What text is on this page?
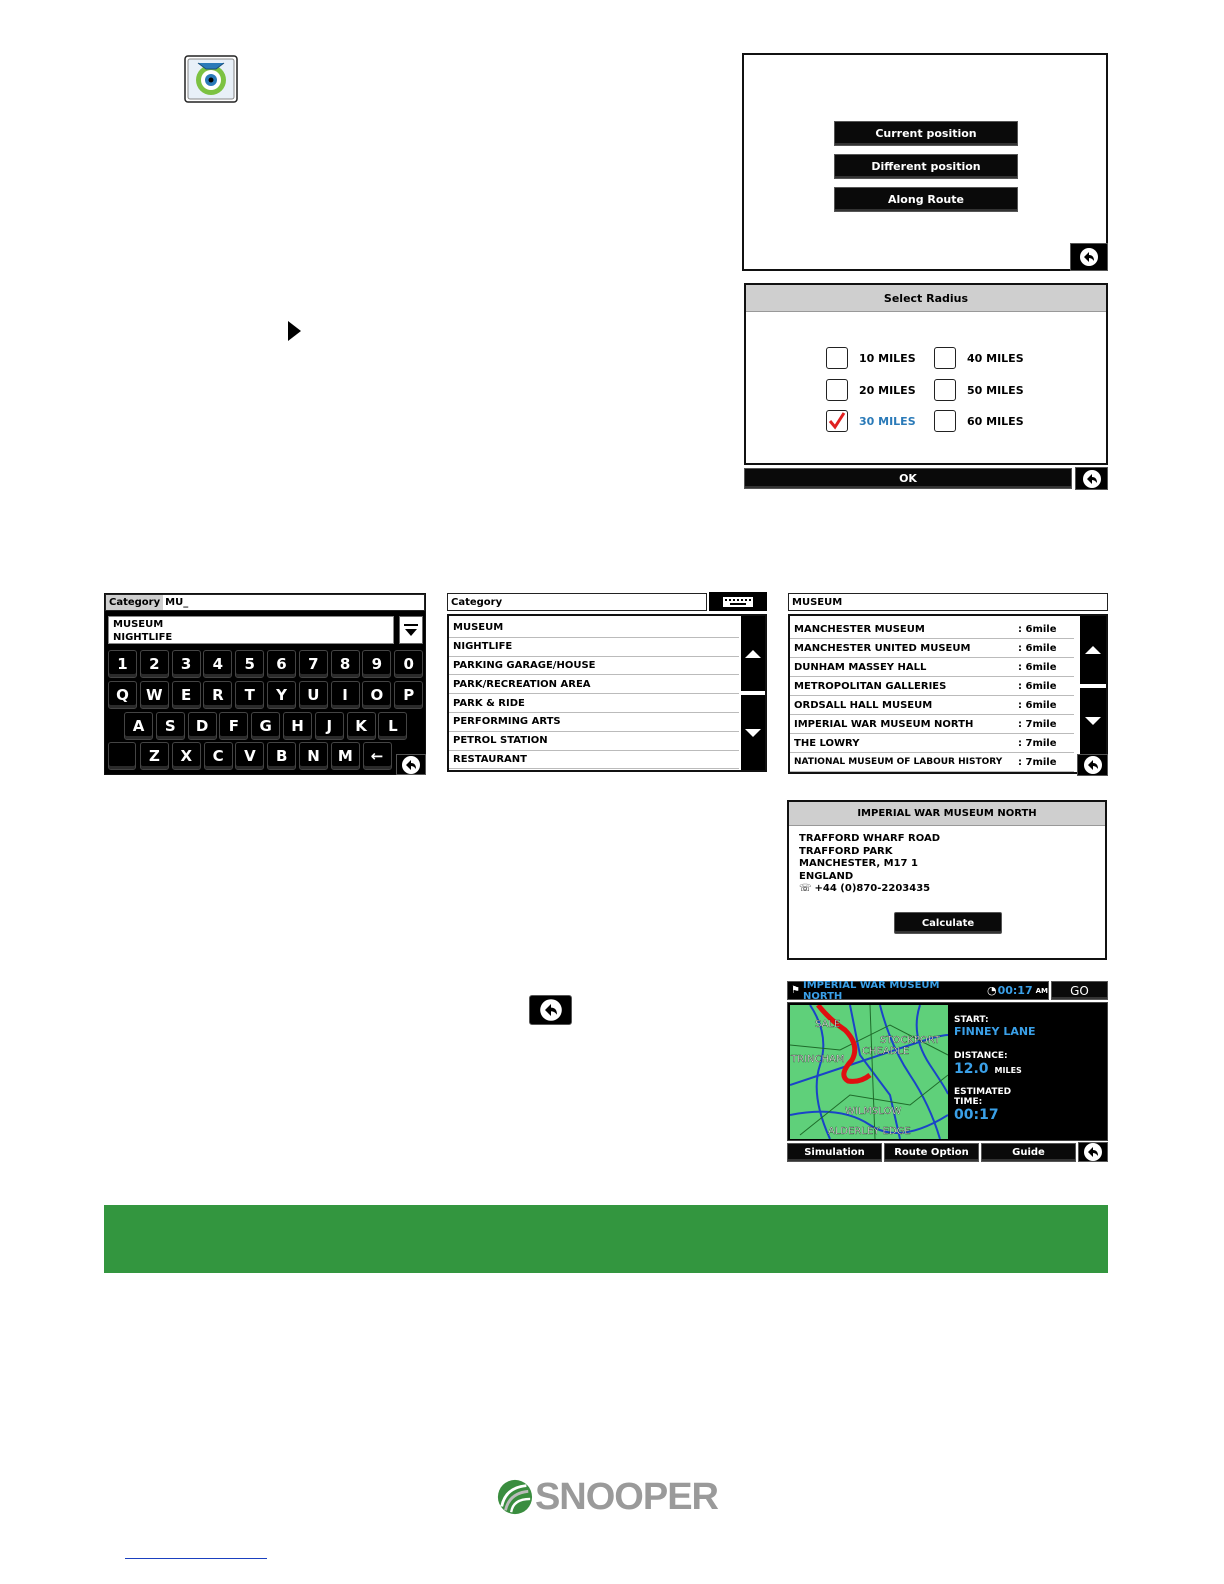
Current position
Different position
Along Route
Select Radius
10 MILES	40 MILES
20 MILES	50 MILES
30 MILES	60 MILES
OK
Category MU_
MUSEUM
NIGHTLIFE
1	2	3	4	5	6	7	8	9	0
Q	W	E	R	T	Y	U	I	O	P
A	S	D	F	G	H	J	K	L
Z	X	C	V	B	N	M	←
Category
MUSEUM
NIGHTLIFE
PARKING GARAGE/HOUSE
PARK/RECREATION AREA
PARK & RIDE
PERFORMING ARTS
PETROL STATION
RESTAURANT
MUSEUM
MANCHESTER MUSEUM	: 6mile
MANCHESTER UNITED MUSEUM	: 6mile
DUNHAM MASSEY HALL	: 6mile
METROPOLITAN GALLERIES	: 6mile
ORDSALL HALL MUSEUM	: 6mile
IMPERIAL WAR MUSEUM NORTH	: 7mile
THE LOWRY	: 7mile
NATIONAL MUSEUM OF LABOUR HISTORY : 7mile
IMPERIAL WAR MUSEUM NORTH
TRAFFORD WHARF ROAD
TRAFFORD PARK
MANCHESTER, M17 1
ENGLAND
☏ +44 (0)870-2203435
Calculate
⚑ IMPERIAL WAR MUSEUM NORTH	◔ 00:17 AM	GO
SALE
STOCKPORT
CHEADLE
TRINCHAM
WILMSLOW
ALDERLEY EDGE
START:
FINNEY LANE
DISTANCE:
12.0 MILES
ESTIMATED TIME:
00:17
Simulation	Route Option	Guide
SNOOPER
